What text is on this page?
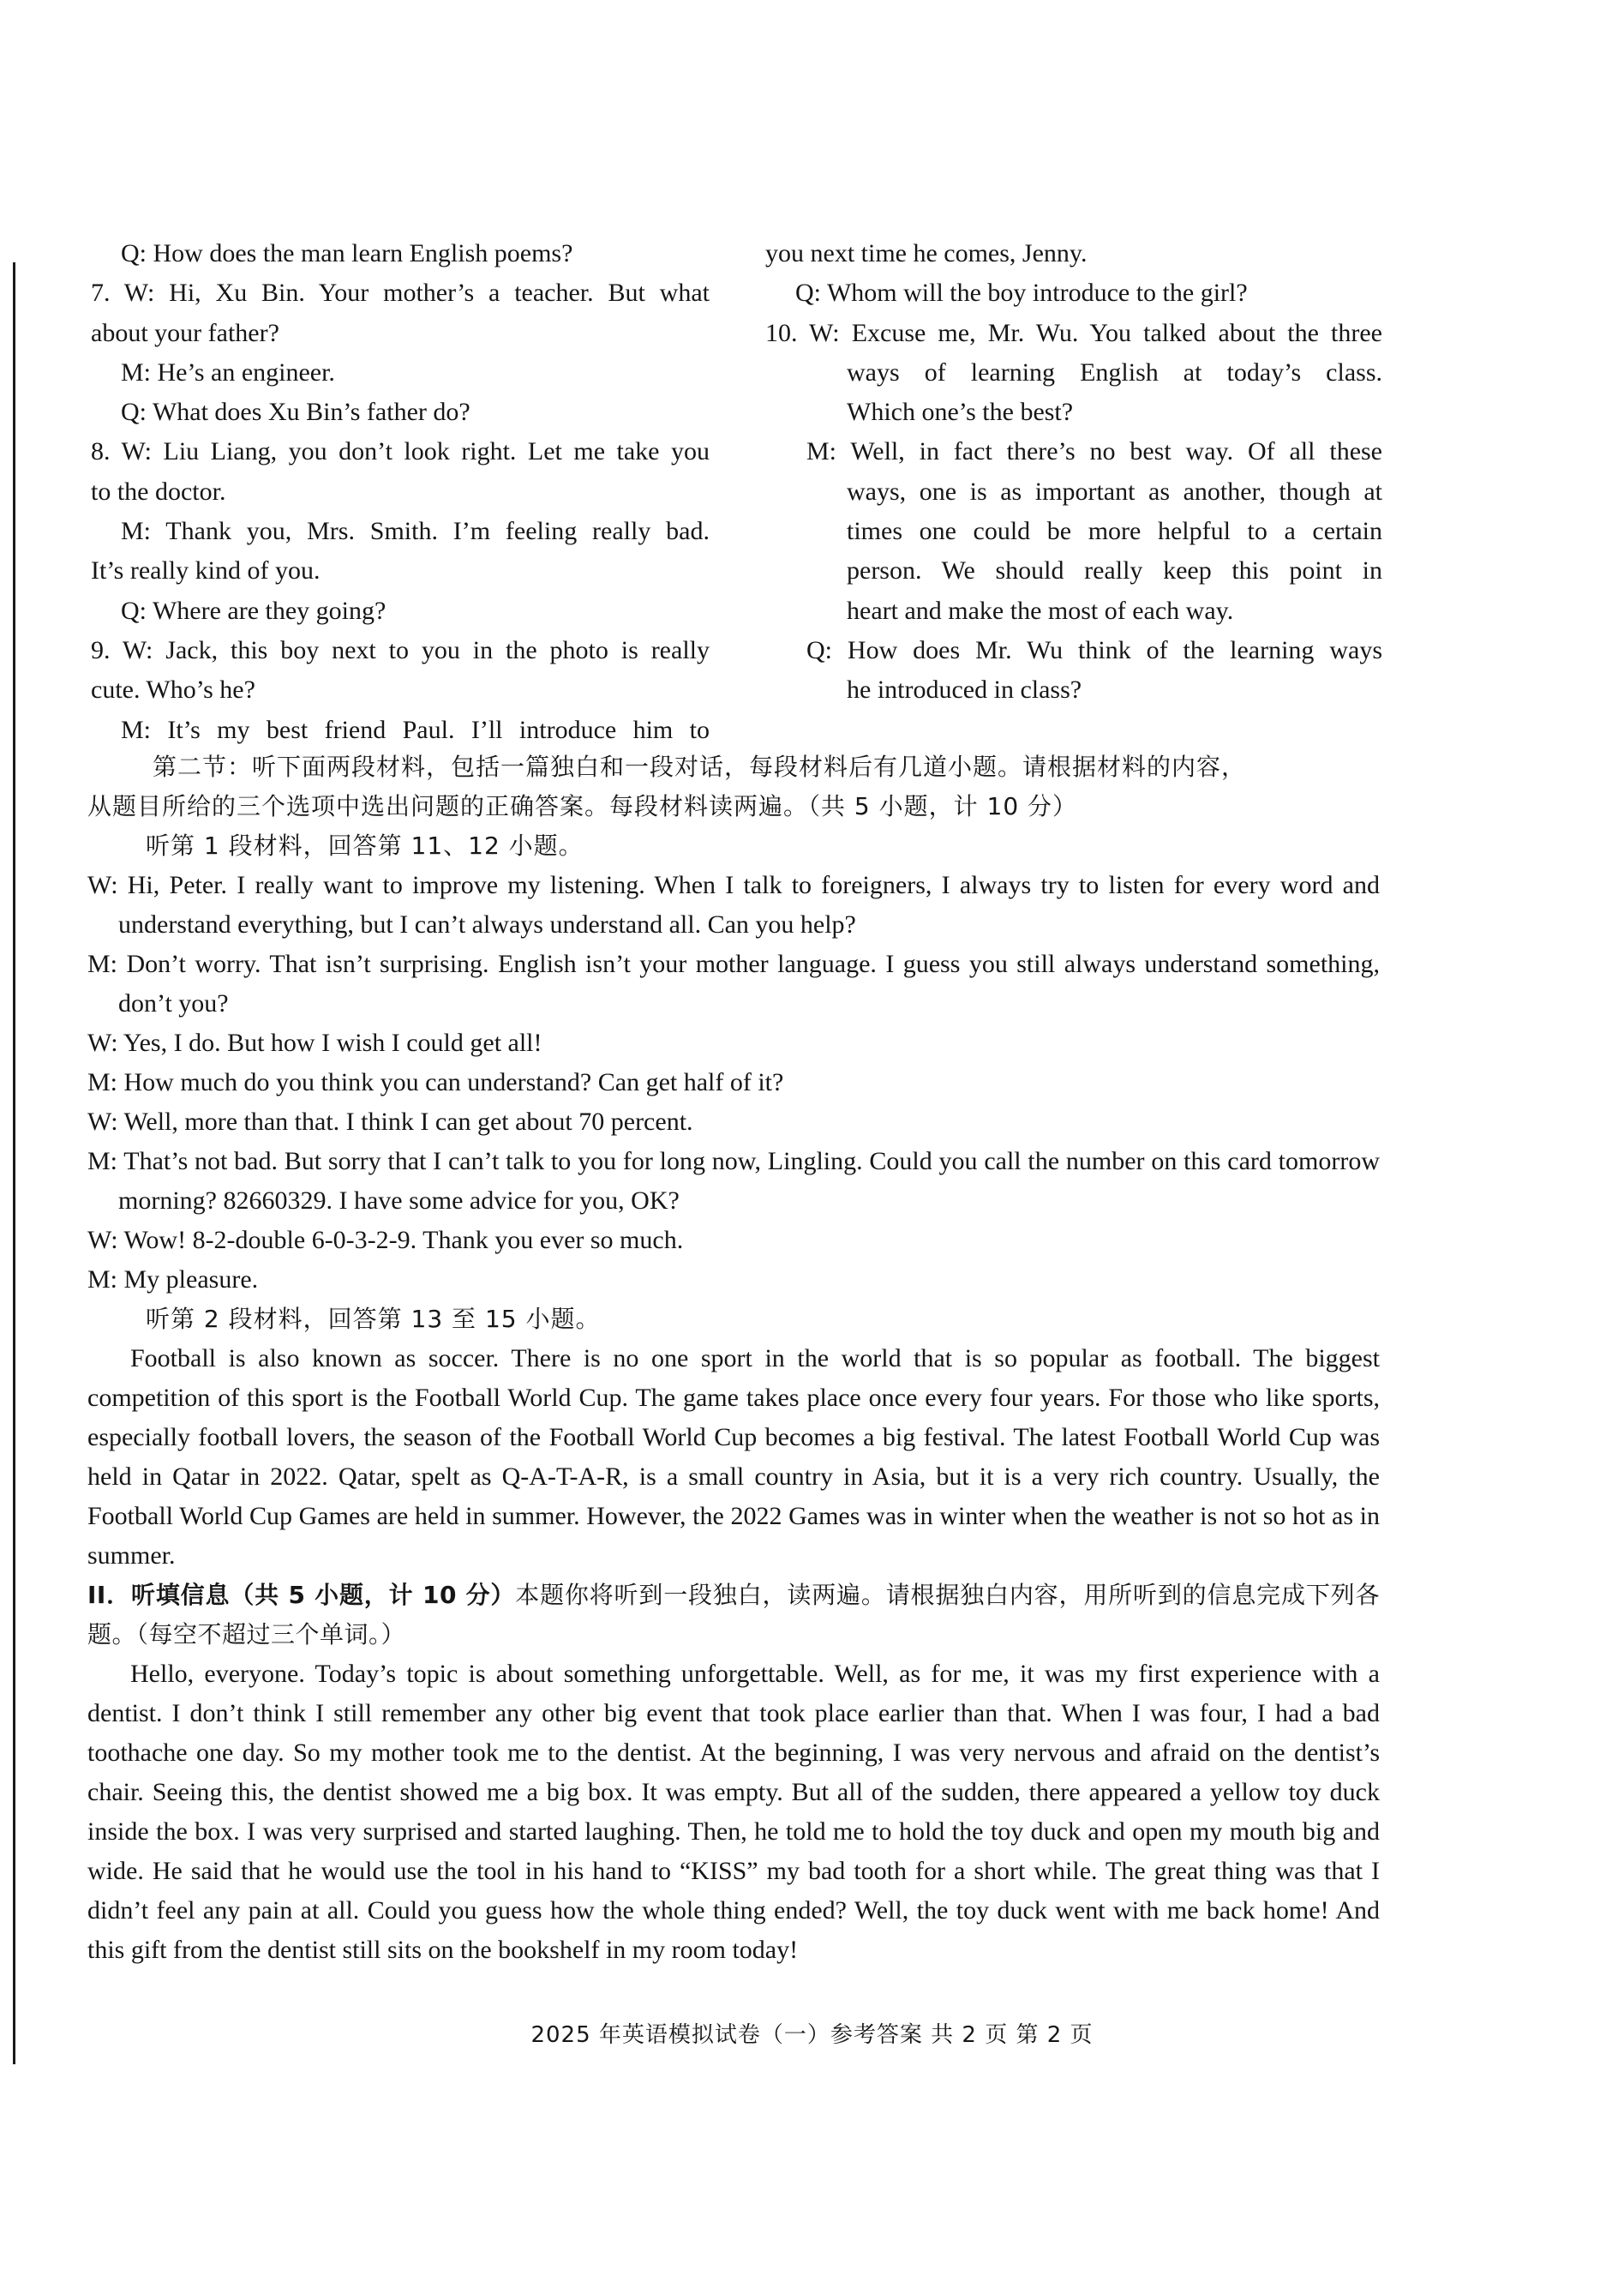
Q: How does the man learn English poems?
7. W: Hi, Xu Bin. Your mother’s a teacher. But what
about your father?
M: He’s an engineer.
Q: What does Xu Bin’s father do?
8. W: Liu Liang, you don’t look right. Let me take you
to the doctor.
M: Thank you, Mrs. Smith. I’m feeling really bad.
It’s really kind of you.
Q: Where are they going?
9. W: Jack, this boy next to you in the photo is really
cute. Who’s he?
M: It’s my best friend Paul. I’ll introduce him to
you next time he comes, Jenny.
Q: Whom will the boy introduce to the girl?
10. W: Excuse me, Mr. Wu. You talked about the three
ways of learning English at today’s class.
Which one’s the best?
M: Well, in fact there’s no best way. Of all these
ways, one is as important as another, though at
times one could be more helpful to a certain
person. We should really keep this point in
heart and make the most of each way.
Q: How does Mr. Wu think of the learning ways
he introduced in class?

第二节：听下面两段材料，包括一篇独白和一段对话，每段材料后有几道小题。请根据材料的内容，

从题目所给的三个选项中选出问题的正确答案。每段材料读两遍。（共 5 小题，计 10 分）

听第 1 段材料，回答第 11、12 小题。

W: Hi, Peter. I really want to improve my listening. When I talk to foreigners, I always try to listen for every word and understand everything, but I can’t always understand all. Can you help?

M: Don’t worry. That isn’t surprising. English isn’t your mother language. I guess you still always understand something, don’t you?

W: Yes, I do. But how I wish I could get all!

M: How much do you think you can understand? Can get half of it?

W: Well, more than that. I think I can get about 70 percent.

M: That’s not bad. But sorry that I can’t talk to you for long now, Lingling. Could you call the number on this card tomorrow morning? 82660329. I have some advice for you, OK?

W: Wow! 8-2-double 6-0-3-2-9. Thank you ever so much.

M: My pleasure.

听第 2 段材料，回答第 13 至 15 小题。

Football is also known as soccer. There is no one sport in the world that is so popular as football. The biggest competition of this sport is the Football World Cup. The game takes place once every four years. For those who like sports, especially football lovers, the season of the Football World Cup becomes a big festival. The latest Football World Cup was held in Qatar in 2022. Qatar, spelt as Q-A-T-A-R, is a small country in Asia, but it is a very rich country. Usually, the Football World Cup Games are held in summer. However, the 2022 Games was in winter when the weather is not so hot as in summer.

II．听填信息（共 5 小题，计 10 分）本题你将听到一段独白，读两遍。请根据独白内容，用所听到的信息完成下列各题。（每空不超过三个单词。）

Hello, everyone. Today’s topic is about something unforgettable. Well, as for me, it was my first experience with a dentist. I don’t think I still remember any other big event that took place earlier than that. When I was four, I had a bad toothache one day. So my mother took me to the dentist. At the beginning, I was very nervous and afraid on the dentist’s chair. Seeing this, the dentist showed me a big box. It was empty. But all of the sudden, there appeared a yellow toy duck inside the box. I was very surprised and started laughing. Then, he told me to hold the toy duck and open my mouth big and wide. He said that he would use the tool in his hand to “KISS” my bad tooth for a short while. The great thing was that I didn’t feel any pain at all. Could you guess how the whole thing ended? Well, the toy duck went with me back home! And this gift from the dentist still sits on the bookshelf in my room today!

2025 年英语模拟试卷（一）参考答案 共 2 页 第 2 页
